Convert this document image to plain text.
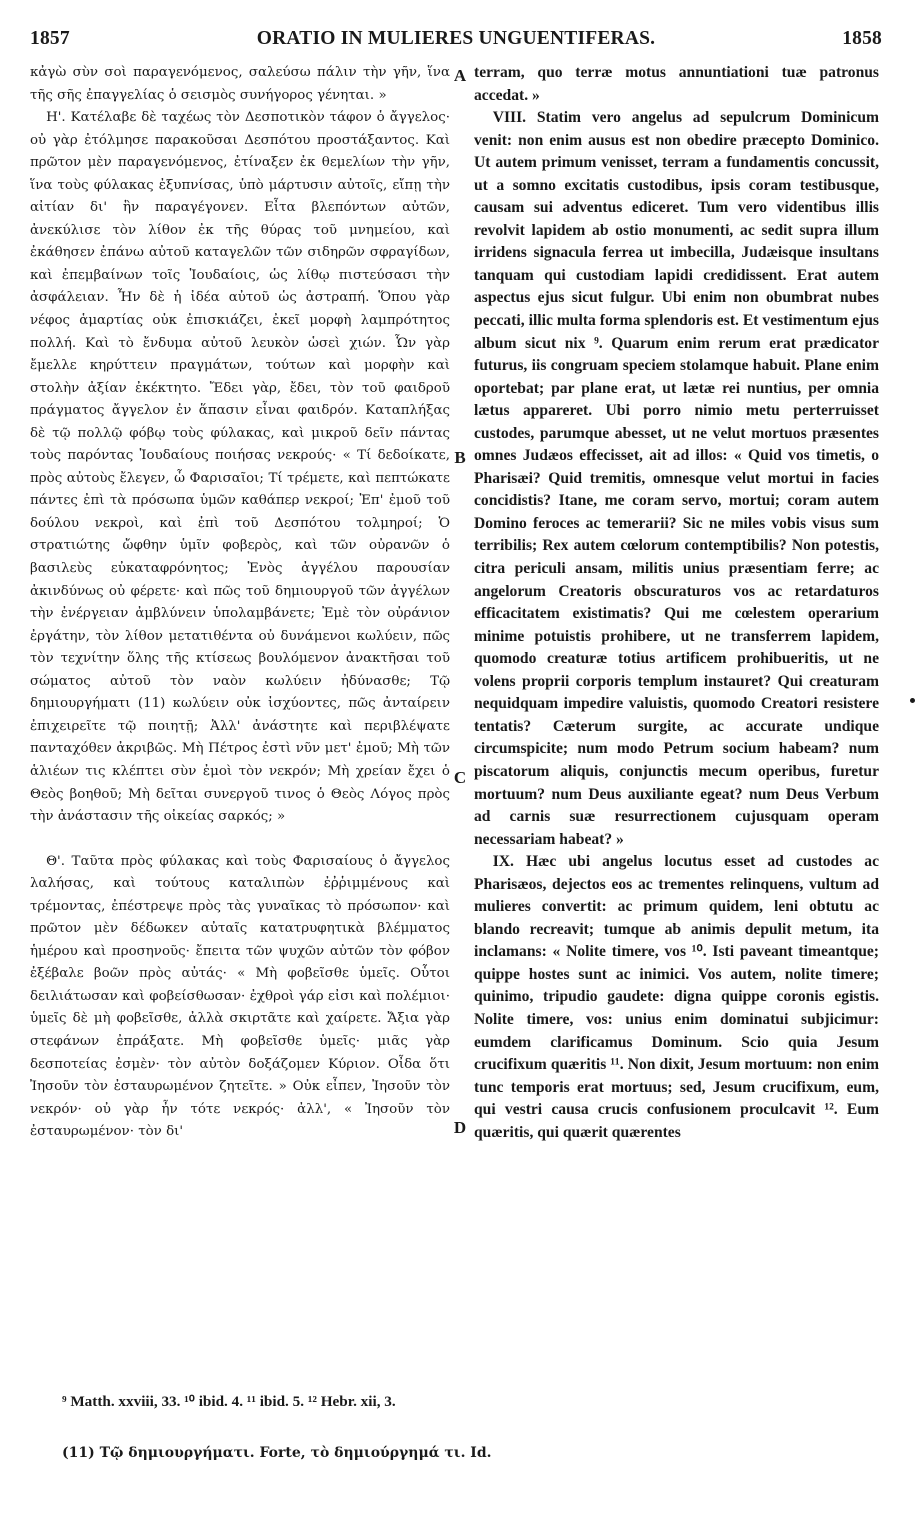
1857	ORATIO IN MULIERES UNGUENTIFERAS.	1858

κἀγὼ σὺν σοὶ παραγενόμενος, σαλεύσω πάλιν τὴν γῆν, ἵνα τῆς σῆς ἐπαγγελίας ὁ σεισμὸς συνήγορος γένηται. »

Η'. Κατέλαβε δὲ ταχέως τὸν Δεσποτικὸν τάφον ὁ ἄγγελος· οὐ γὰρ ἐτόλμησε παρακοῦσαι Δεσπότου προστάξαντος. Καὶ πρῶτον μὲν παραγενόμενος, ἐτίναξεν ἐκ θεμελίων τὴν γῆν, ἵνα τοὺς φύλακας ἐξυπνίσας, ὑπὸ μάρτυσιν αὐτοῖς, εἴπῃ τὴν αἰτίαν δι' ἣν παραγέγονεν. Εἶτα βλεπόντων αὐτῶν, ἀνεκύλισε τὸν λίθον ἐκ τῆς θύρας τοῦ μνημείου, καὶ ἐκάθησεν ἐπάνω αὐτοῦ καταγελῶν τῶν σιδηρῶν σφραγίδων, καὶ ἐπεμβαίνων τοῖς Ἰουδαίοις, ὡς λίθῳ πιστεύσασι τὴν ἀσφάλειαν. Ἦν δὲ ἡ ἰδέα αὐτοῦ ὡς ἀστραπή. Ὅπου γὰρ νέφος ἁμαρτίας οὐκ ἐπισκιάζει, ἐκεῖ μορφὴ λαμπρότητος πολλή. Καὶ τὸ ἔνδυμα αὐτοῦ λευκὸν ὡσεὶ χιών. Ὧν γὰρ ἔμελλε κηρύττειν πραγμάτων, τούτων καὶ μορφὴν καὶ στολὴν ἀξίαν ἐκέκτητο. Ἔδει γὰρ, ἔδει, τὸν τοῦ φαιδροῦ πράγματος ἄγγελον ἐν ἅπασιν εἶναι φαιδρόν. Καταπλήξας δὲ τῷ πολλῷ φόβῳ τοὺς φύλακας, καὶ μικροῦ δεῖν πάντας τοὺς παρόντας Ἰουδαίους ποιήσας νεκρούς· « Τί δεδοίκατε, πρὸς αὐτοὺς ἔλεγεν, ὦ Φαρισαῖοι; Τί τρέμετε, καὶ πεπτώκατε πάντες ἐπὶ τὰ πρόσωπα ὑμῶν καθάπερ νεκροί; Ἐπ' ἐμοῦ τοῦ δούλου νεκροὶ, καὶ ἐπὶ τοῦ Δεσπότου τολμηροί; Ὁ στρατιώτης ὤφθην ὑμῖν φοβερὸς, καὶ τῶν οὐρανῶν ὁ βασιλεὺς εὐκαταφρόνητος; Ἑνὸς ἀγγέλου παρουσίαν ἀκινδύνως οὐ φέρετε· καὶ πῶς τοῦ δημιουργοῦ τῶν ἀγγέλων τὴν ἐνέργειαν ἀμβλύνειν ὑπολαμβάνετε; Ἐμὲ τὸν οὐράνιον ἐργάτην, τὸν λίθον μετατιθέντα οὐ δυνάμενοι κωλύειν, πῶς τὸν τεχνίτην ὅλης τῆς κτίσεως βουλόμενον ἀνακτῆσαι τοῦ σώματος αὐτοῦ τὸν ναὸν κωλύειν ἠδύνασθε; Τῷ δημιουργήματι (11) κωλύειν οὐκ ἰσχύοντες, πῶς ἀνταίρειν ἐπιχειρεῖτε τῷ ποιητῇ; Ἀλλ' ἀνάστητε καὶ περιβλέψατε πανταχόθεν ἀκριβῶς. Μὴ Πέτρος ἐστὶ νῦν μετ' ἐμοῦ; Μὴ τῶν ἁλιέων τις κλέπτει σὺν ἐμοὶ τὸν νεκρόν; Μὴ χρείαν ἔχει ὁ Θεὸς βοηθοῦ; Μὴ δεῖται συνεργοῦ τινος ὁ Θεὸς Λόγος πρὸς τὴν ἀνάστασιν τῆς οἰκείας σαρκός; »

Θ'. Ταῦτα πρὸς φύλακας καὶ τοὺς Φαρισαίους ὁ ἄγγελος λαλήσας, καὶ τούτους καταλιπὼν ἐῤῥιμμένους καὶ τρέμοντας, ἐπέστρεψε πρὸς τὰς γυναῖκας τὸ πρόσωπον· καὶ πρῶτον μὲν δέδωκεν αὐταῖς κατατρυφητικὰ βλέμματος ἡμέρου καὶ προσηνοῦς· ἔπειτα τῶν ψυχῶν αὐτῶν τὸν φόβον ἐξέβαλε βοῶν πρὸς αὐτάς· « Μὴ φοβεῖσθε ὑμεῖς. Οὗτοι δειλιάτωσαν καὶ φοβείσθωσαν· ἐχθροὶ γάρ εἰσι καὶ πολέμιοι· ὑμεῖς δὲ μὴ φοβεῖσθε, ἀλλὰ σκιρτᾶτε καὶ χαίρετε. Ἄξια γὰρ στεφάνων ἐπράξατε. Μὴ φοβεῖσθε ὑμεῖς· μιᾶς γὰρ δεσποτείας ἐσμὲν· τὸν αὐτὸν δοξάζομεν Κύριον. Οἶδα ὅτι Ἰησοῦν τὸν ἐσταυρωμένον ζητεῖτε. » Οὐκ εἶπεν, Ἰησοῦν τὸν νεκρόν· οὐ γὰρ ἦν τότε νεκρός· ἀλλ', « Ἰησοῦν τὸν ἐσταυρωμένον· τὸν δι'

A
B
C
D

terram, quo terræ motus annuntiationi tuæ patronus accedat. »

VIII. Statim vero angelus ad sepulcrum Dominicum venit: non enim ausus est non obedire præcepto Dominico. Ut autem primum venisset, terram a fundamentis concussit, ut a somno excitatis custodibus, ipsis coram testibusque, causam sui adventus ediceret. Tum vero videntibus illis revolvit lapidem ab ostio monumenti, ac sedit supra illum irridens signacula ferrea ut imbecilla, Judæisque insultans tanquam qui custodiam lapidi credidissent. Erat autem aspectus ejus sicut fulgur. Ubi enim non obumbrat nubes peccati, illic multa forma splendoris est. Et vestimentum ejus album sicut nix ⁹. Quarum enim rerum erat prædicator futurus, iis congruam speciem stolamque habuit. Plane enim oportebat; par plane erat, ut lætæ rei nuntius, per omnia lætus appareret. Ubi porro nimio metu perterruisset custodes, parumque abesset, ut ne velut mortuos præsentes omnes Judæos effecisset, ait ad illos: « Quid vos timetis, o Pharisæi? Quid tremitis, omnesque velut mortui in facies concidistis? Itane, me coram servo, mortui; coram autem Domino feroces ac temerarii? Sic ne miles vobis visus sum terribilis; Rex autem cœlorum contemptibilis? Non potestis, citra periculi ansam, militis unius præsentiam ferre; ac angelorum Creatoris obscuraturos vos ac retardaturos efficacitatem existimatis? Qui me cœlestem operarium minime potuistis prohibere, ut ne transferrem lapidem, quomodo creaturæ totius artificem prohibueritis, ut ne volens proprii corporis templum instauret? Qui creaturam nequidquam impedire valuistis, quomodo Creatori resistere tentatis? Cæterum surgite, ac accurate undique circumspicite; num modo Petrum socium habeam? num piscatorum aliquis, conjunctis mecum operibus, furetur mortuum? num Deus auxiliante egeat? num Deus Verbum ad carnis suæ resurrectionem cujusquam operam necessariam habeat? »

IX. Hæc ubi angelus locutus esset ad custodes ac Pharisæos, dejectos eos ac trementes relinquens, vultum ad mulieres convertit: ac primum quidem, leni obtutu ac blando recreavit; tumque ab animis depulit metum, ita inclamans: « Nolite timere, vos ¹⁰. Isti paveant timeantque; quippe hostes sunt ac inimici. Vos autem, nolite timere; quinimo, tripudio gaudete: digna quippe coronis egistis. Nolite timere, vos: unius enim dominatui subjicimur: eumdem clarificamus Dominum. Scio quia Jesum crucifixum quæritis ¹¹. Non dixit, Jesum mortuum: non enim tunc temporis erat mortuus; sed, Jesum crucifixum, eum, qui vestri causa crucis confusionem proculcavit ¹². Eum quæritis, qui quærit quærentes

⁹ Matth. xxviii, 33. ¹⁰ ibid. 4. ¹¹ ibid. 5. ¹² Hebr. xii, 3.
(11) Τῷ δημιουργήματι. Forte, τὸ δημιούργημά τι. Id.
